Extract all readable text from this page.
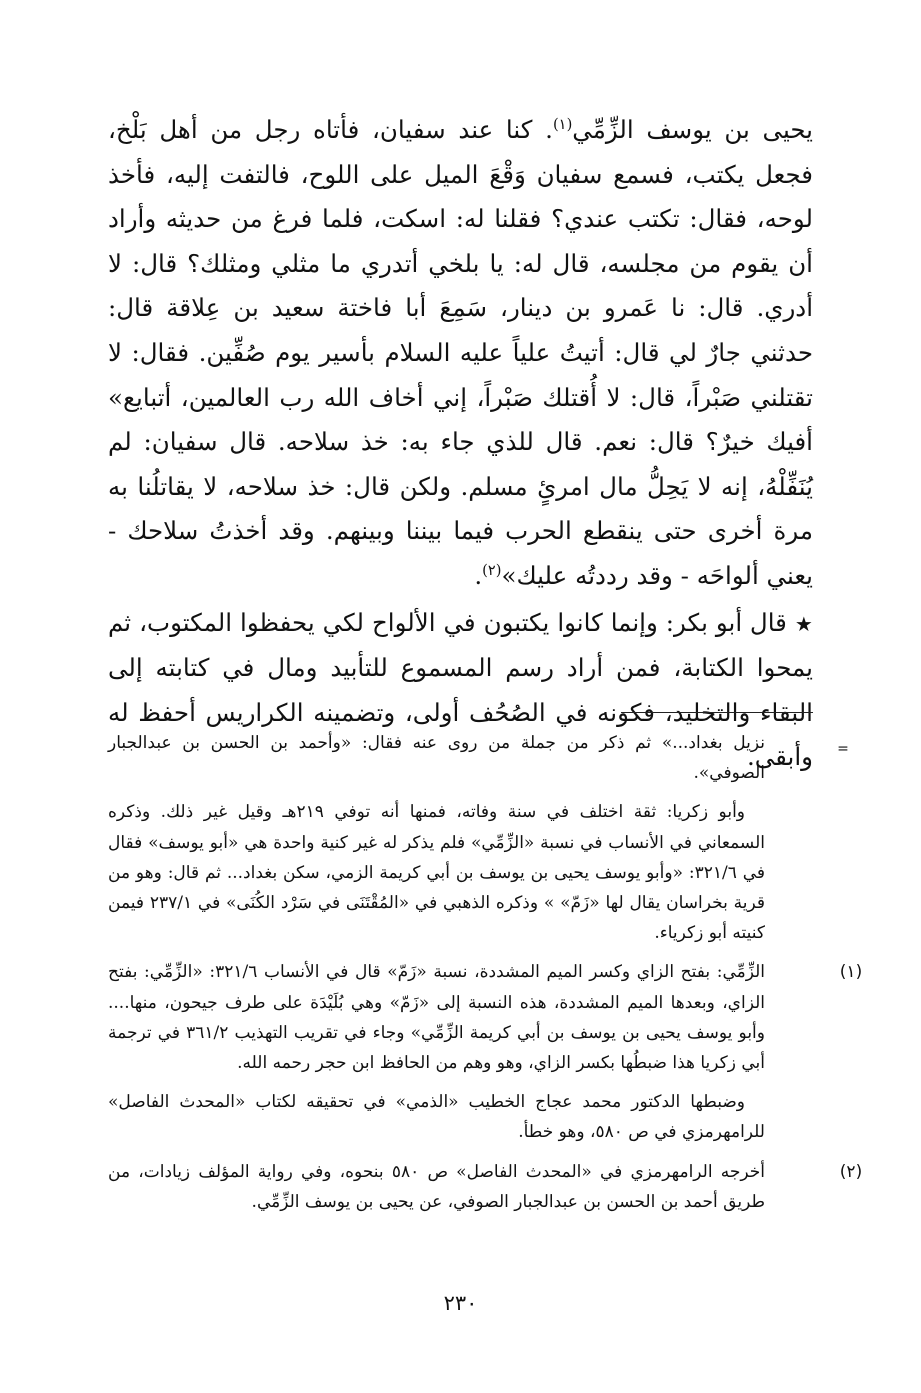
يحيى بن يوسف الزِّمِّي$^{(١)}$. كنا عند سفيان، فأتاه رجل من أهل بَلْخ، فجعل يكتب، فسمع سفيان وَقْعَ الميل على اللوح، فالتفت إليه، فأخذ لوحه، فقال: تكتب عندي؟ فقلنا له: اسكت، فلما فرغ من حديثه وأراد أن يقوم من مجلسه، قال له: يا بلخي أتدري ما مثلي ومثلك؟ قال: لا أدري. قال: نا عَمرو بن دينار، سَمِعَ أبا فاختة سعيد بن عِلاقة قال: حدثني جارٌ لي قال: أتيتُ علياً عليه السلام بأسير يوم صُفِّين. فقال: لا تقتلني صَبْراً، قال: لا أُقتلك صَبْراً، إني أخاف الله رب العالمين، أتبايع» أفيك خيرٌ؟ قال: نعم. قال للذي جاء به: خذ سلاحه. قال سفيان: لم يُنَفِّلْهُ، إنه لا يَحِلُّ مال امرئٍ مسلم. ولكن قال: خذ سلاحه، لا يقاتلُنا به مرة أخرى حتى ينقطع الحرب فيما بيننا وبينهم. وقد أخذتُ سلاحك - يعني ألواحَه - وقد رددتُه عليك»$^{(٢)}$.

★ قال أبو بكر: وإنما كانوا يكتبون في الألواح لكي يحفظوا المكتوب، ثم يمحوا الكتابة، فمن أراد رسم المسموع للتأبيد ومال في كتابته إلى البقاء والتخليد، فكونه في الصُحُف أولى، وتضمينه الكراريس أحفظ له وأبقى.	=
نزيل بغداد...» ثم ذكر من جملة من روى عنه فقال: «وأحمد بن الحسن بن عبدالجبار الصوفي».

وأبو زكريا: ثقة اختلف في سنة وفاته، فمنها أنه توفي ٢١٩هـ وقيل غير ذلك. وذكره السمعاني في الأنساب في نسبة «الزِّمِّي» فلم يذكر له غير كنية واحدة هي «أبو يوسف» فقال في ٣٢١/٦: «وأبو يوسف يحيى بن يوسف بن أبي كريمة الزمي، سكن بغداد... ثم قال: وهو من قرية بخراسان يقال لها «زَمّ» » وذكره الذهبي في «المُقْتَنَى في سَرْد الكُنَى» في ٢٣٧/١ فيمن كنيته أبو زكرياء.

(١)
الزِّمِّي: بفتح الزاي وكسر الميم المشددة، نسبة «زَمّ» قال في الأنساب ٣٢١/٦: «الزِّمِّي: بفتح الزاي، وبعدها الميم المشددة، هذه النسبة إلى «زَمّ» وهي بُلَيْدَة على طرف جيحون، منها.... وأبو يوسف يحيى بن يوسف بن أبي كريمة الزِّمِّي» وجاء في تقريب التهذيب ٣٦١/٢ في ترجمة أبي زكريا هذا ضبطُها بكسر الزاي، وهو وهم من الحافظ ابن حجر رحمه الله.

وضبطها الدكتور محمد عجاج الخطيب «الذمي» في تحقيقه لكتاب «المحدث الفاصل» للرامهرمزي في ص ٥٨٠، وهو خطأ.

(٢)
أخرجه الرامهرمزي في «المحدث الفاصل» ص ٥٨٠ بنحوه، وفي رواية المؤلف زيادات، من طريق أحمد بن الحسن بن عبدالجبار الصوفي، عن يحيى بن يوسف الزِّمِّي.

٢٣٠
